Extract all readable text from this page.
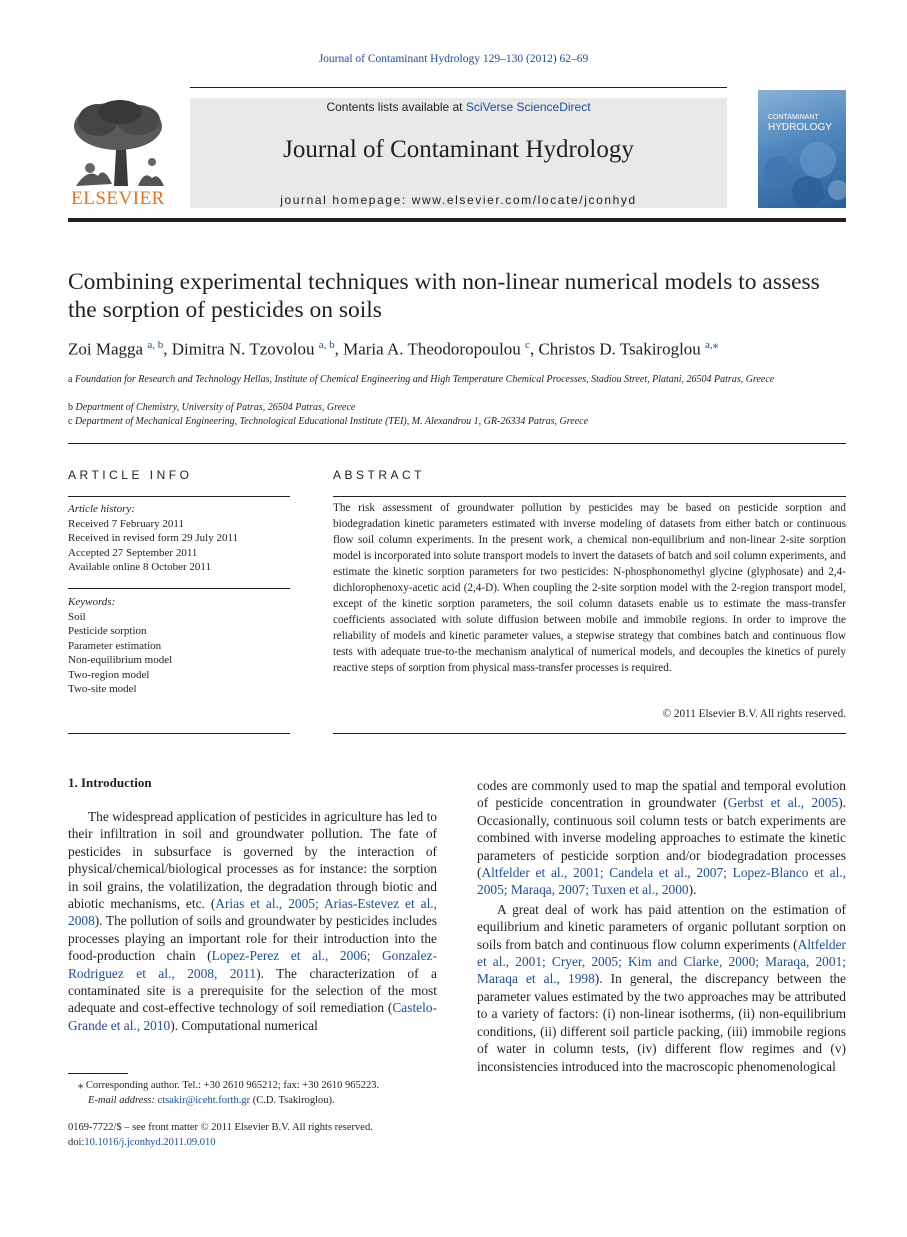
Journal of Contaminant Hydrology 129–130 (2012) 62–69
ELSEVIER
Contents lists available at SciVerse ScienceDirect
Journal of Contaminant Hydrology
journal homepage: www.elsevier.com/locate/jconhyd
CONTAMINANT
HYDROLOGY
Combining experimental techniques with non-linear numerical models to assess the sorption of pesticides on soils
Zoi Magga $^{a, b}$, Dimitra N. Tzovolou $^{a, b}$, Maria A. Theodoropoulou $^c$, Christos D. Tsakiroglou $^{a,⁎}$
a Foundation for Research and Technology Hellas, Institute of Chemical Engineering and High Temperature Chemical Processes, Stadiou Street, Platani, 26504 Patras, Greece
b Department of Chemistry, University of Patras, 26504 Patras, Greece
c Department of Mechanical Engineering, Technological Educational Institute (TEI), M. Alexandrou 1, GR-26334 Patras, Greece
ARTICLE INFO
Article history:
Received 7 February 2011
Received in revised form 29 July 2011
Accepted 27 September 2011
Available online 8 October 2011
Keywords:
Soil
Pesticide sorption
Parameter estimation
Non-equilibrium model
Two-region model
Two-site model
ABSTRACT
The risk assessment of groundwater pollution by pesticides may be based on pesticide sorption and biodegradation kinetic parameters estimated with inverse modeling of datasets from either batch or continuous flow soil column experiments. In the present work, a chemical non-equilibrium and non-linear 2-site sorption model is incorporated into solute transport models to invert the datasets of batch and soil column experiments, and estimate the kinetic sorption parameters for two pesticides: N-phosphonomethyl glycine (glyphosate) and 2,4-dichlorophenoxy-acetic acid (2,4-D). When coupling the 2-site sorption model with the 2-region transport model, except of the kinetic sorption parameters, the soil column datasets enable us to estimate the mass-transfer coefficients associated with solute diffusion between mobile and immobile regions. In order to improve the reliability of models and kinetic parameter values, a stepwise strategy that combines batch and continuous flow tests with adequate true-to-the mechanism analytical of numerical models, and decouples the kinetics of purely reactive steps of sorption from physical mass-transfer processes is required.
© 2011 Elsevier B.V. All rights reserved.
1. Introduction

The widespread application of pesticides in agriculture has led to their infiltration in soil and groundwater pollution. The fate of pesticides in subsurface is governed by the interaction of physical/chemical/biological processes as for instance: the sorption in soil grains, the volatilization, the degradation through biotic and abiotic mechanisms, etc. (Arias et al., 2005; Arias-Estevez et al., 2008). The pollution of soils and groundwater by pesticides includes processes playing an important role for their introduction into the food-production chain (Lopez-Perez et al., 2006; Gonzalez-Rodriguez et al., 2008, 2011). The characterization of a contaminated site is a prerequisite for the selection of the most adequate and cost-effective technology of soil remediation (Castelo-Grande et al., 2010). Computational numerical

codes are commonly used to map the spatial and temporal evolution of pesticide concentration in groundwater (Gerbst et al., 2005). Occasionally, continuous soil column tests or batch experiments are combined with inverse modeling approaches to estimate the kinetic parameters of pesticide sorption and/or biodegradation processes (Altfelder et al., 2001; Candela et al., 2007; Lopez-Blanco et al., 2005; Maraqa, 2007; Tuxen et al., 2000).

A great deal of work has paid attention on the estimation of equilibrium and kinetic parameters of organic pollutant sorption on soils from batch and continuous flow column experiments (Altfelder et al., 2001; Cryer, 2005; Kim and Clarke, 2000; Maraqa, 2001; Maraqa et al., 1998). In general, the discrepancy between the parameter values estimated by the two approaches may be attributed to a variety of factors: (i) non-linear isotherms, (ii) non-equilibrium conditions, (ii) different soil particle packing, (iii) immobile regions of water in column tests, (iv) different flow regimes and (v) inconsistencies introduced into the macroscopic phenomenological

⁎ Corresponding author. Tel.: +30 2610 965212; fax: +30 2610 965223.
E-mail address: ctsakir@iceht.forth.gr (C.D. Tsakiroglou).
0169-7722/$ – see front matter © 2011 Elsevier B.V. All rights reserved.
doi:10.1016/j.jconhyd.2011.09.010
